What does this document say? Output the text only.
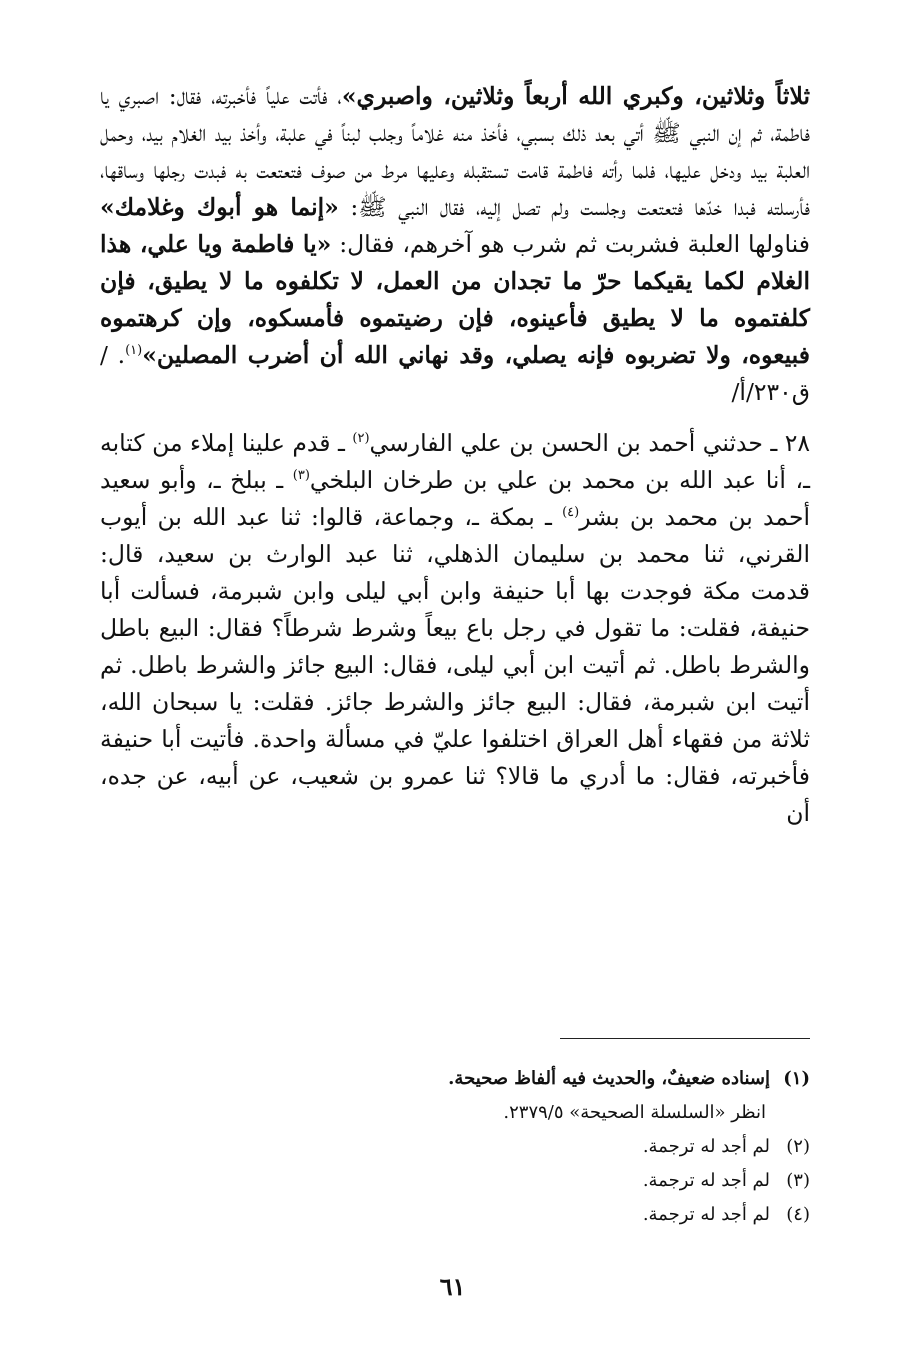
ثلاثاً وثلاثين، وكبري الله أربعاً وثلاثين، واصبري»، فأتت علياً فأخبرته، فقال: اصبري يا فاطمة، ثم إن النبي ﷺ أتي بعد ذلك بسبي، فأخذ منه غلاماً وجلب لبناً في علبة، وأخذ بيد الغلام بيد، وحمل العلبة بيد ودخل عليها، فلما رأته فاطمة قامت تستقبله وعليها مرط من صوف فتعتعت به فبدت رجلها وساقها، فأرسلته فبدا خدّها فتعتعت وجلست ولم تصل إليه، فقال النبي ﷺ: «إنما هو أبوك وغلامك» فناولها العلبة فشربت ثم شرب هو آخرهم، فقال: «يا فاطمة ويا علي، هذا الغلام لكما يقيكما حرّ ما تجدان من العمل، لا تكلفوه ما لا يطيق، فإن كلفتموه ما لا يطيق فأعينوه، فإن رضيتموه فأمسكوه، وإن كرهتموه فبيعوه، ولا تضربوه فإنه يصلي، وقد نهاني الله أن أضرب المصلين»$^{(١)}$. /ق٢٣٠/أ/

٢٨ ـ حدثني أحمد بن الحسن بن علي الفارسي$^{(٢)}$ ـ قدم علينا إملاء من كتابه ـ، أنا عبد الله بن محمد بن علي بن طرخان البلخي$^{(٣)}$ ـ ببلخ ـ، وأبو سعيد أحمد بن محمد بن بشر$^{(٤)}$ ـ بمكة ـ، وجماعة، قالوا: ثنا عبد الله بن أيوب القرني، ثنا محمد بن سليمان الذهلي، ثنا عبد الوارث بن سعيد، قال: قدمت مكة فوجدت بها أبا حنيفة وابن أبي ليلى وابن شبرمة، فسألت أبا حنيفة، فقلت: ما تقول في رجل باع بيعاً وشرط شرطاً؟ فقال: البيع باطل والشرط باطل. ثم أتيت ابن أبي ليلى، فقال: البيع جائز والشرط باطل. ثم أتيت ابن شبرمة، فقال: البيع جائز والشرط جائز. فقلت: يا سبحان الله، ثلاثة من فقهاء أهل العراق اختلفوا عليّ في مسألة واحدة. فأتيت أبا حنيفة فأخبرته، فقال: ما أدري ما قالا؟ ثنا عمرو بن شعيب، عن أبيه، عن جده، أن

(١)إسناده ضعيفٌ، والحديث فيه ألفاظ صحيحة.

انظر «السلسلة الصحيحة» ٢٣٧٩/٥.

(٢)لم أجد له ترجمة.

(٣)لم أجد له ترجمة.

(٤)لم أجد له ترجمة.

٦١
